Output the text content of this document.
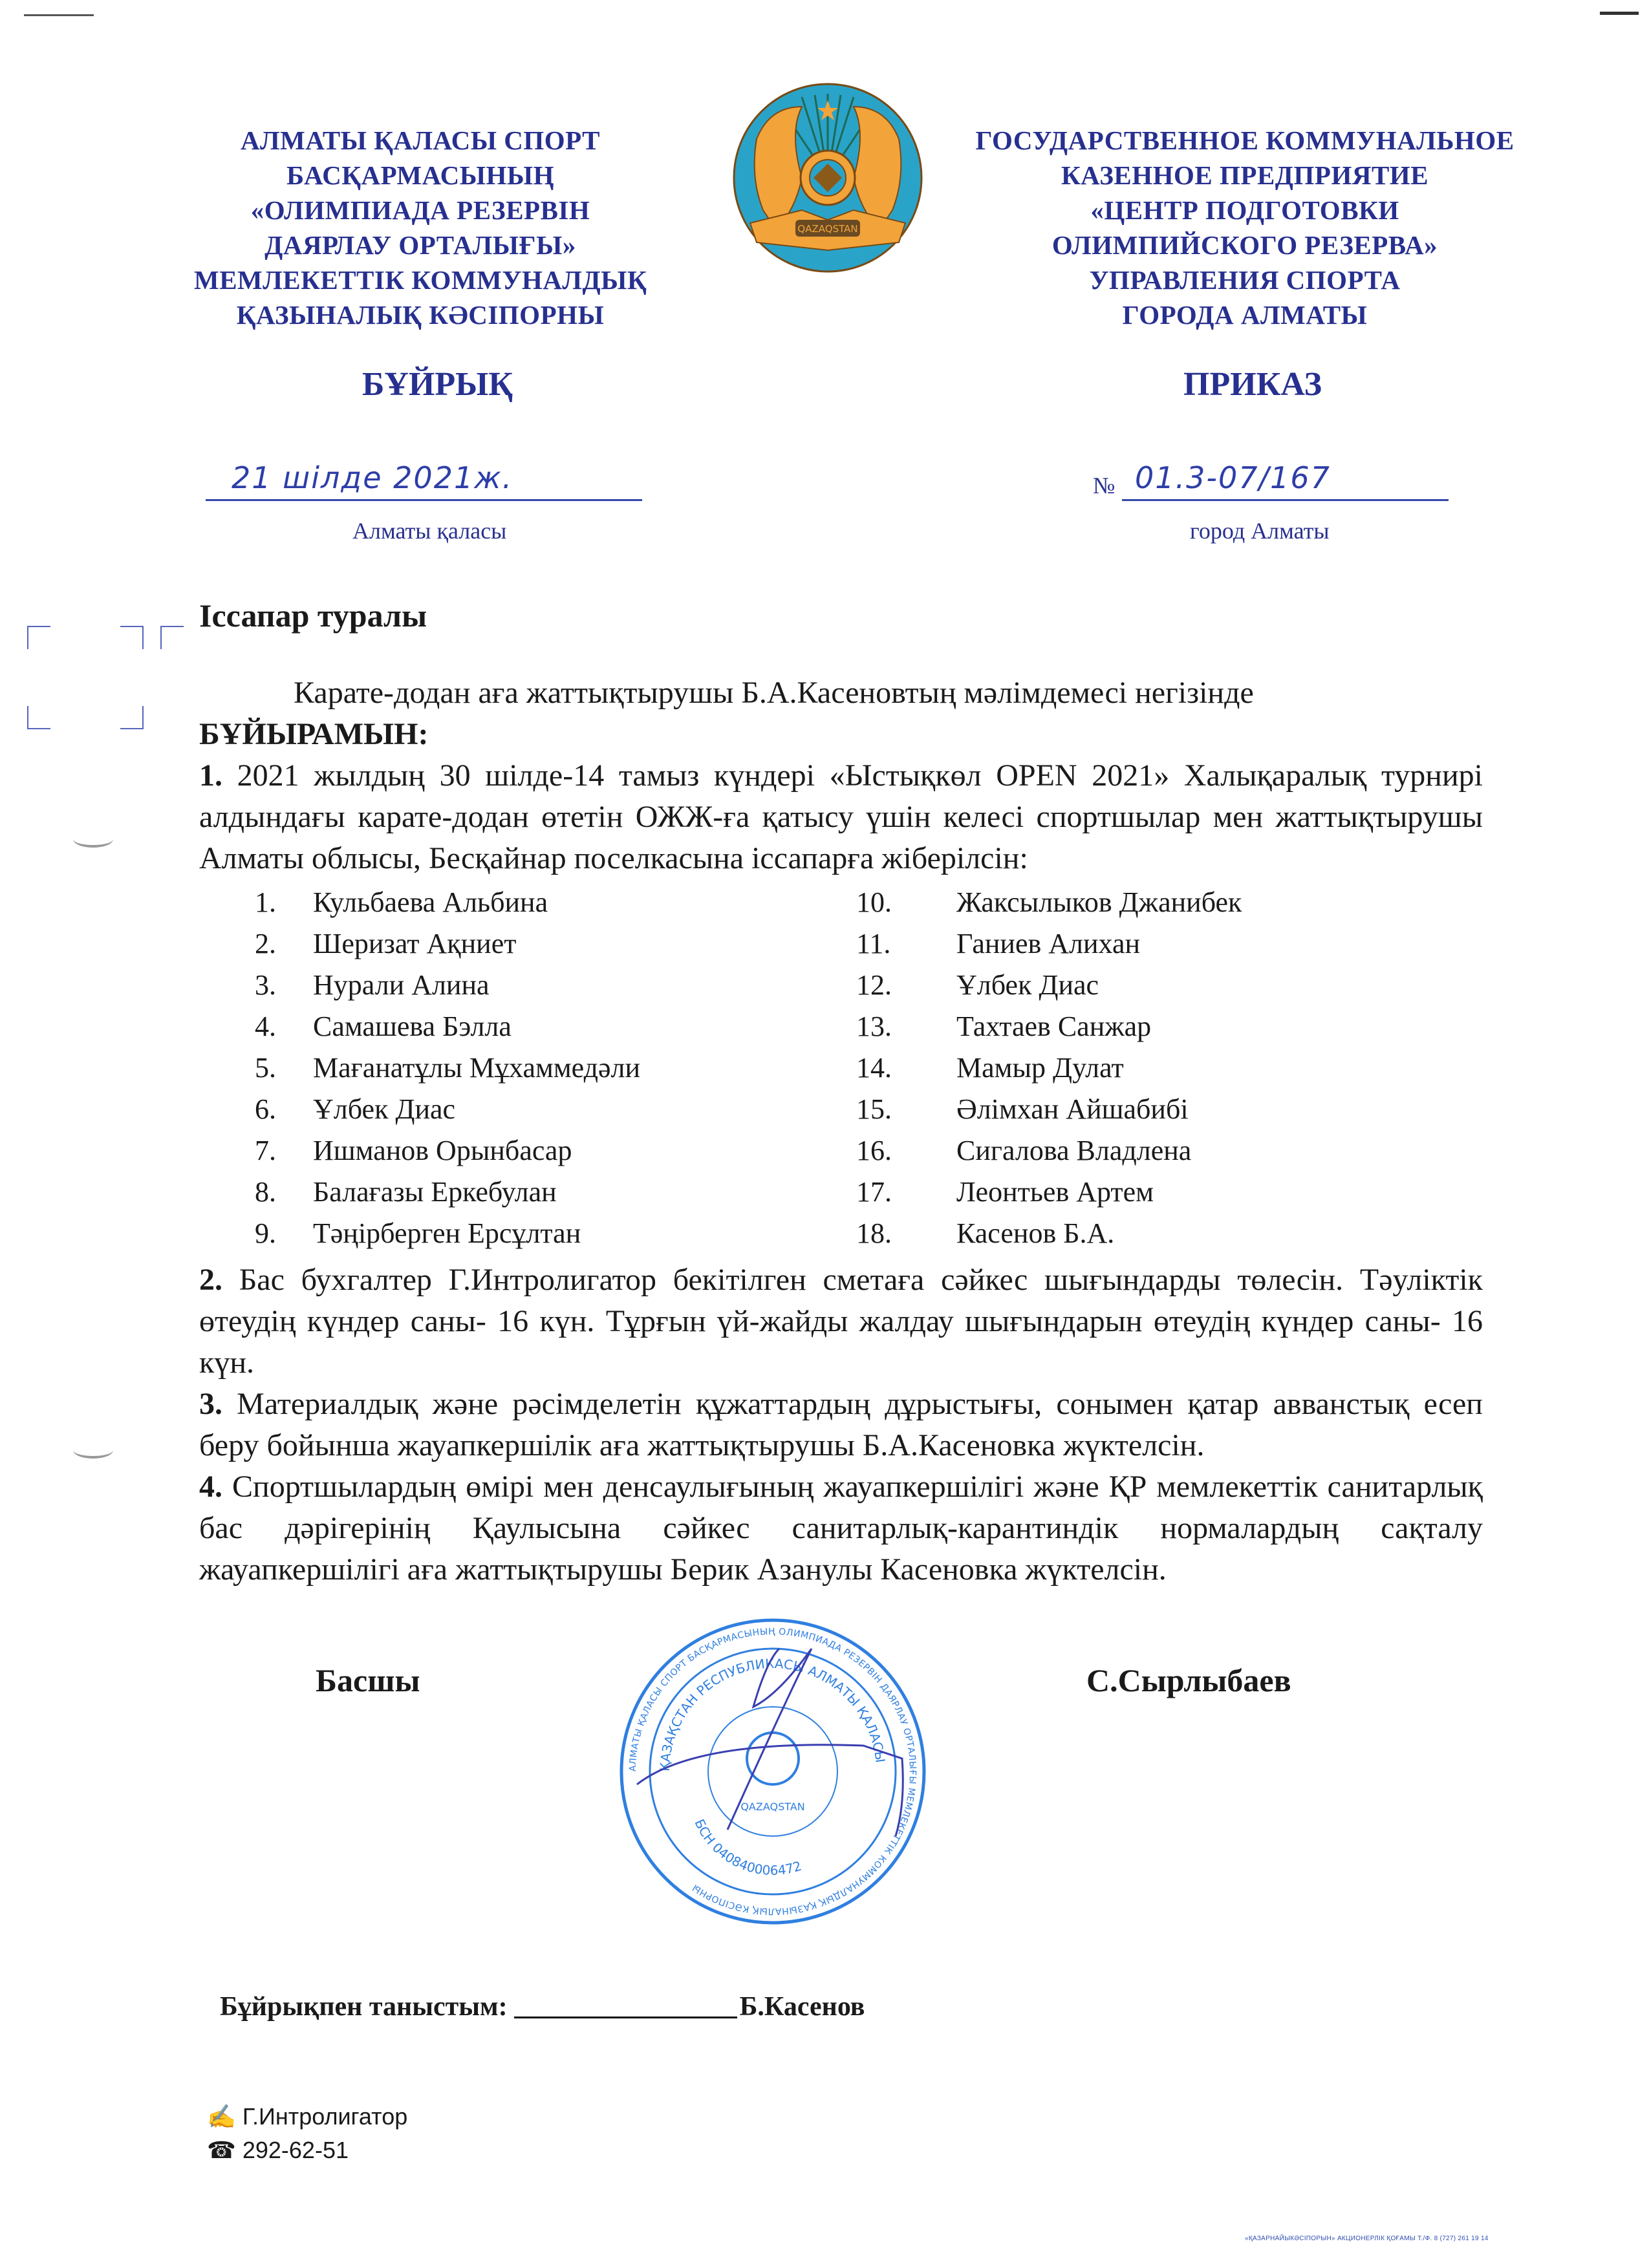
АЛМАТЫ ҚАЛАСЫ СПОРТ
БАСҚАРМАСЫНЫҢ
«ОЛИМПИАДА РЕЗЕРВІН
ДАЯРЛАУ ОРТАЛЫҒЫ»
МЕМЛЕКЕТТІК КОММУНАЛДЫҚ
ҚАЗЫНАЛЫҚ КӘСІПОРНЫ
QAZAQSTAN
ГОСУДАРСТВЕННОЕ КОММУНАЛЬНОЕ
КАЗЕННОЕ ПРЕДПРИЯТИЕ
«ЦЕНТР ПОДГОТОВКИ
ОЛИМПИЙСКОГО РЕЗЕРВА»
УПРАВЛЕНИЯ СПОРТА
ГОРОДА АЛМАТЫ
БҰЙРЫҚ	ПРИКАЗ
21 шілде 2021ж.	№ 01.3-07/167
Алматы қаласы	город Алматы
Іссапар туралы

Карате-додан аға жаттықтырушы Б.А.Касеновтың мәлімдемесі негізінде

БҰЙЫРАМЫН:

1. 2021 жылдың 30 шілде-14 тамыз күндері «Ыстықкөл OPEN 2021» Халықаралық турнирі алдындағы карате-додан өтетін ОЖЖ-ға қатысу үшін келесі спортшылар мен жаттықтырушы Алматы облысы, Бесқайнар поселкасына іссапарға жіберілсін:

1.	Кульбаева Альбина	10.	Жаксылыков Джанибек
2.	Шеризат Ақниет	11.	Ганиев Алихан
3.	Нурали Алина	12.	Ұлбек Диас
4.	Самашева Бэлла	13.	Тахтаев Санжар
5.	Мағанатұлы Мұхаммедәли	14.	Мамыр Дулат
6.	Ұлбек Диас	15.	Әлімхан Айшабибі
7.	Ишманов Орынбасар	16.	Сигалова Владлена
8.	Балағазы Еркебулан	17.	Леонтьев Артем
9.	Тәңірберген Ерсұлтан	18.	Касенов Б.А.

2. Бас бухгалтер Г.Интролигатор бекітілген сметаға сәйкес шығындарды төлесін. Тәуліктік өтеудің күндер саны- 16 күн. Тұрғын үй-жайды жалдау шығындарын өтеудің күндер саны- 16 күн.

3. Материалдық және рәсімделетін құжаттардың дұрыстығы, сонымен қатар авванстық есеп беру бойынша жауапкершілік аға жаттықтырушы Б.А.Касеновка жүктелсін.

4. Спортшылардың өмірі мен денсаулығының жауапкершілігі және ҚР мемлекеттік санитарлық бас дәрігерінің Қаулысына сәйкес санитарлық-карантиндік нормалардың сақталу жауапкершілігі аға жаттықтырушы Берик Азанулы Касеновка жүктелсін.

Басшы	С.Сырлыбаев
АЛМАТЫ ҚАЛАСЫ СПОРТ БАСҚАРМАСЫНЫҢ ОЛИМПИАДА РЕЗЕРВІН ДАЯРЛАУ ОРТАЛЫҒЫ МЕМЛЕКЕТТІК КОММУНАЛДЫҚ ҚАЗЫНАЛЫҚ КӘСІПОРНЫ
ҚАЗАҚСТАН РЕСПУБЛИКАСЫ АЛМАТЫ ҚАЛАСЫ
QAZAQSTAN
БСН 040840006472
Бұйрықпен таныстым:	Б.Касенов
✍ Г.Интролигатор
☎ 292-62-51
«ҚАЗАРНАЙЫКӘСІПОРЫН» АКЦИОНЕРЛІК ҚОҒАМЫ Т./Ф. 8 (727) 261 19 14
